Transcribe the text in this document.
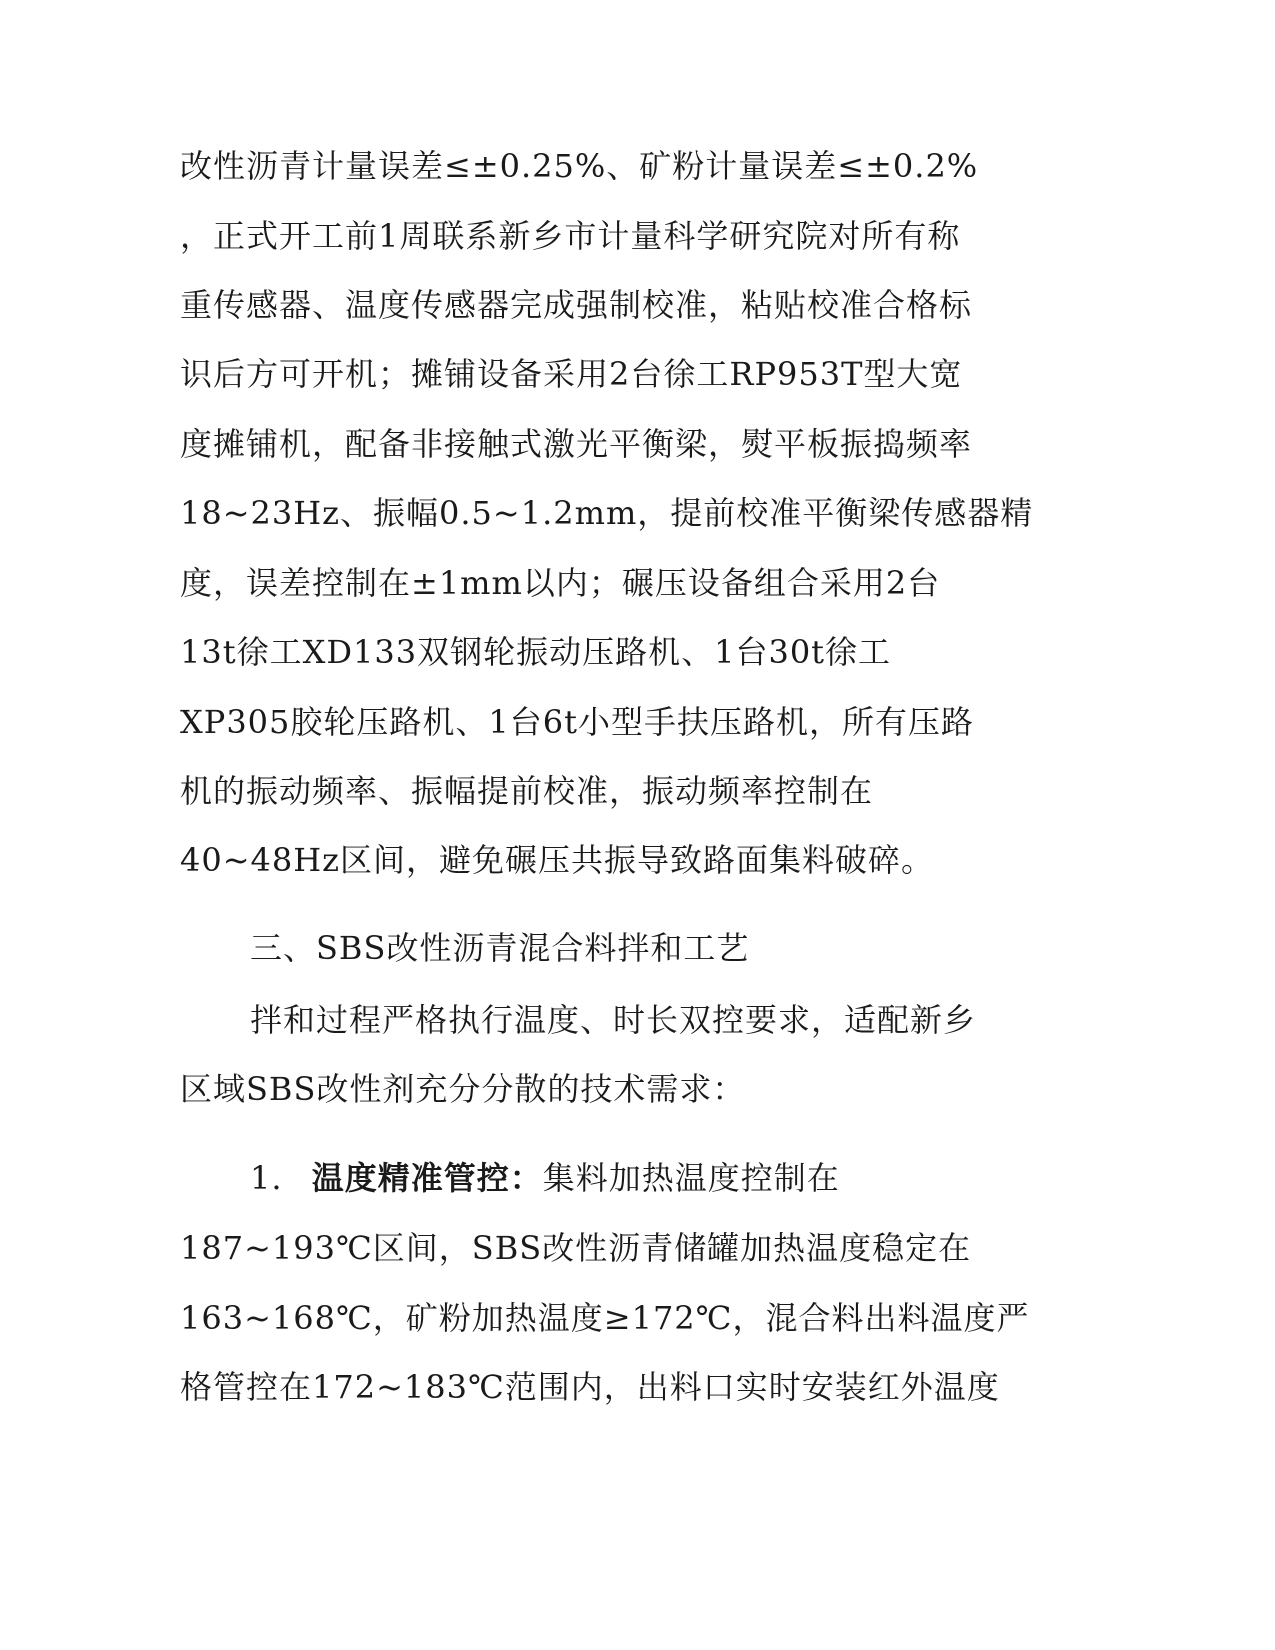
改性沥青计量误差≤±0.25%、矿粉计量误差≤±0.2%
，正式开工前1周联系新乡市计量科学研究院对所有称
重传感器、温度传感器完成强制校准，粘贴校准合格标
识后方可开机；摊铺设备采用2台徐工RP953T型大宽
度摊铺机，配备非接触式激光平衡梁，熨平板振捣频率
18~23Hz、振幅0.5~1.2mm，提前校准平衡梁传感器精
度，误差控制在±1mm以内；碾压设备组合采用2台
13t徐工XD133双钢轮振动压路机、1台30t徐工
XP305胶轮压路机、1台6t小型手扶压路机，所有压路
机的振动频率、振幅提前校准，振动频率控制在
40~48Hz区间，避免碾压共振导致路面集料破碎。
三、SBS改性沥青混合料拌和工艺
拌和过程严格执行温度、时长双控要求，适配新乡
区域SBS改性剂充分分散的技术需求：
1. 温度精准管控：集料加热温度控制在
187~193℃区间，SBS改性沥青储罐加热温度稳定在
163~168℃，矿粉加热温度≥172℃，混合料出料温度严
格管控在172~183℃范围内，出料口实时安装红外温度
